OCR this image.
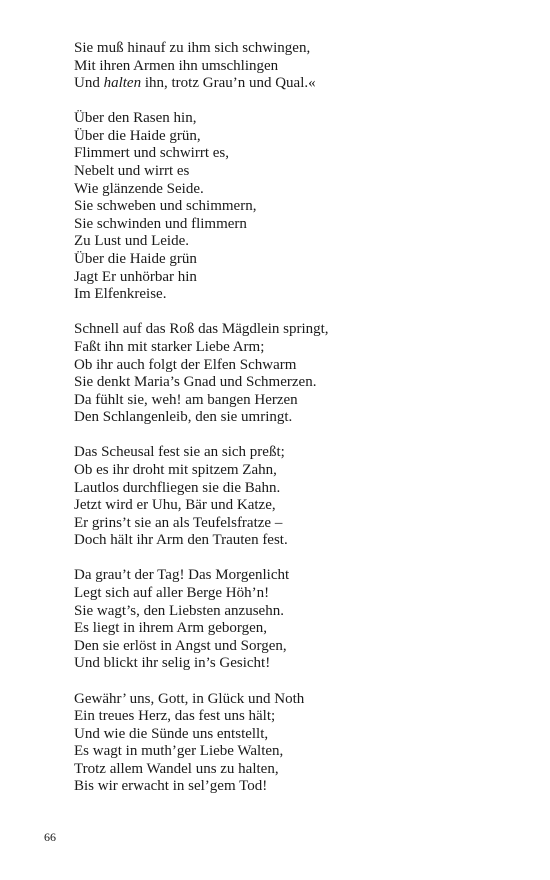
Sie muß hinauf zu ihm sich schwingen,
Mit ihren Armen ihn umschlingen
Und halten ihn, trotz Grau’n und Qual.«
Über den Rasen hin,
Über die Haide grün,
Flimmert und schwirrt es,
Nebelt und wirrt es
Wie glänzende Seide.
Sie schweben und schimmern,
Sie schwinden und flimmern
Zu Lust und Leide.
Über die Haide grün
Jagt Er unhörbar hin
Im Elfenkreise.
Schnell auf das Roß das Mägdlein springt,
Faßt ihn mit starker Liebe Arm;
Ob ihr auch folgt der Elfen Schwarm
Sie denkt Maria’s Gnad und Schmerzen.
Da fühlt sie, weh! am bangen Herzen
Den Schlangenleib, den sie umringt.
Das Scheusal fest sie an sich preßt;
Ob es ihr droht mit spitzem Zahn,
Lautlos durchfliegen sie die Bahn.
Jetzt wird er Uhu, Bär und Katze,
Er grins’t sie an als Teufelsfratze –
Doch hält ihr Arm den Trauten fest.
Da grau’t der Tag! Das Morgenlicht
Legt sich auf aller Berge Höh’n!
Sie wagt’s, den Liebsten anzusehn.
Es liegt in ihrem Arm geborgen,
Den sie erlöst in Angst und Sorgen,
Und blickt ihr selig in’s Gesicht!
Gewähr’ uns, Gott, in Glück und Noth
Ein treues Herz, das fest uns hält;
Und wie die Sünde uns entstellt,
Es wagt in muth’ger Liebe Walten,
Trotz allem Wandel uns zu halten,
Bis wir erwacht in sel’gem Tod!
66
